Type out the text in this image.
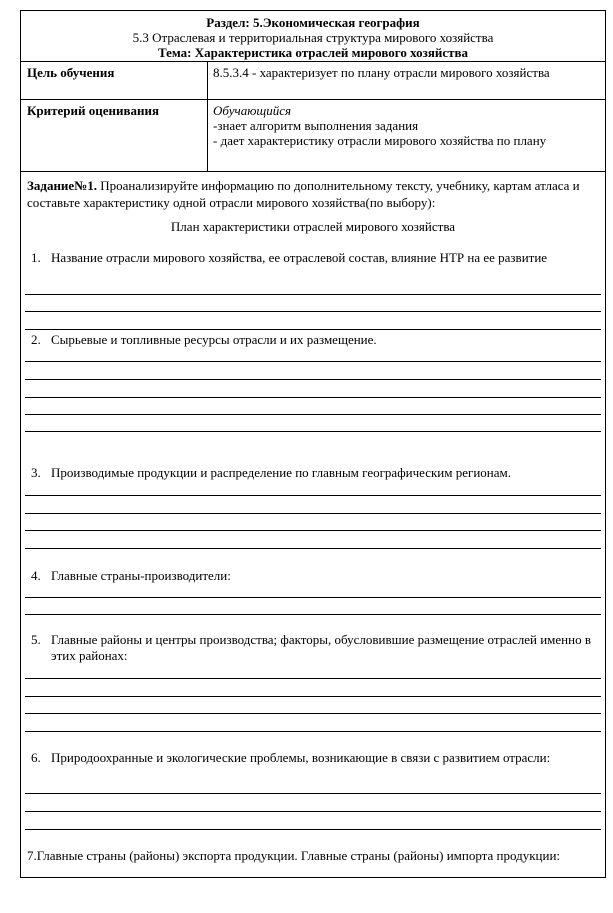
Раздел: 5.Экономическая география
5.3 Отраслевая и территориальная структура мирового хозяйства
Тема: Характеристика отраслей мирового хозяйства
Цель обучения	8.5.3.4 - характеризует по плану отрасли мирового хозяйства
Критерий оценивания	Обучающийся
-знает алгоритм выполнения задания
- дает характеристику отрасли мирового хозяйства по плану
Задание№1. Проанализируйте информацию по дополнительному тексту, учебнику, картам атласа и составьте характеристику одной отрасли мирового хозяйства(по выбору):
План характеристики отраслей мирового хозяйства
1. Название отрасли мирового хозяйства, ее отраслевой состав, влияние НТР на ее развитие
2. Сырьевые и топливные ресурсы отрасли и их размещение.
3. Производимые продукции и распределение по главным географическим регионам.
4. Главные страны-производители:
5. Главные районы и центры производства; факторы, обусловившие размещение отраслей именно в этих районах:
6. Природоохранные и экологические проблемы, возникающие в связи с развитием отрасли:
7.Главные страны (районы) экспорта продукции. Главные страны (районы) импорта продукции:
